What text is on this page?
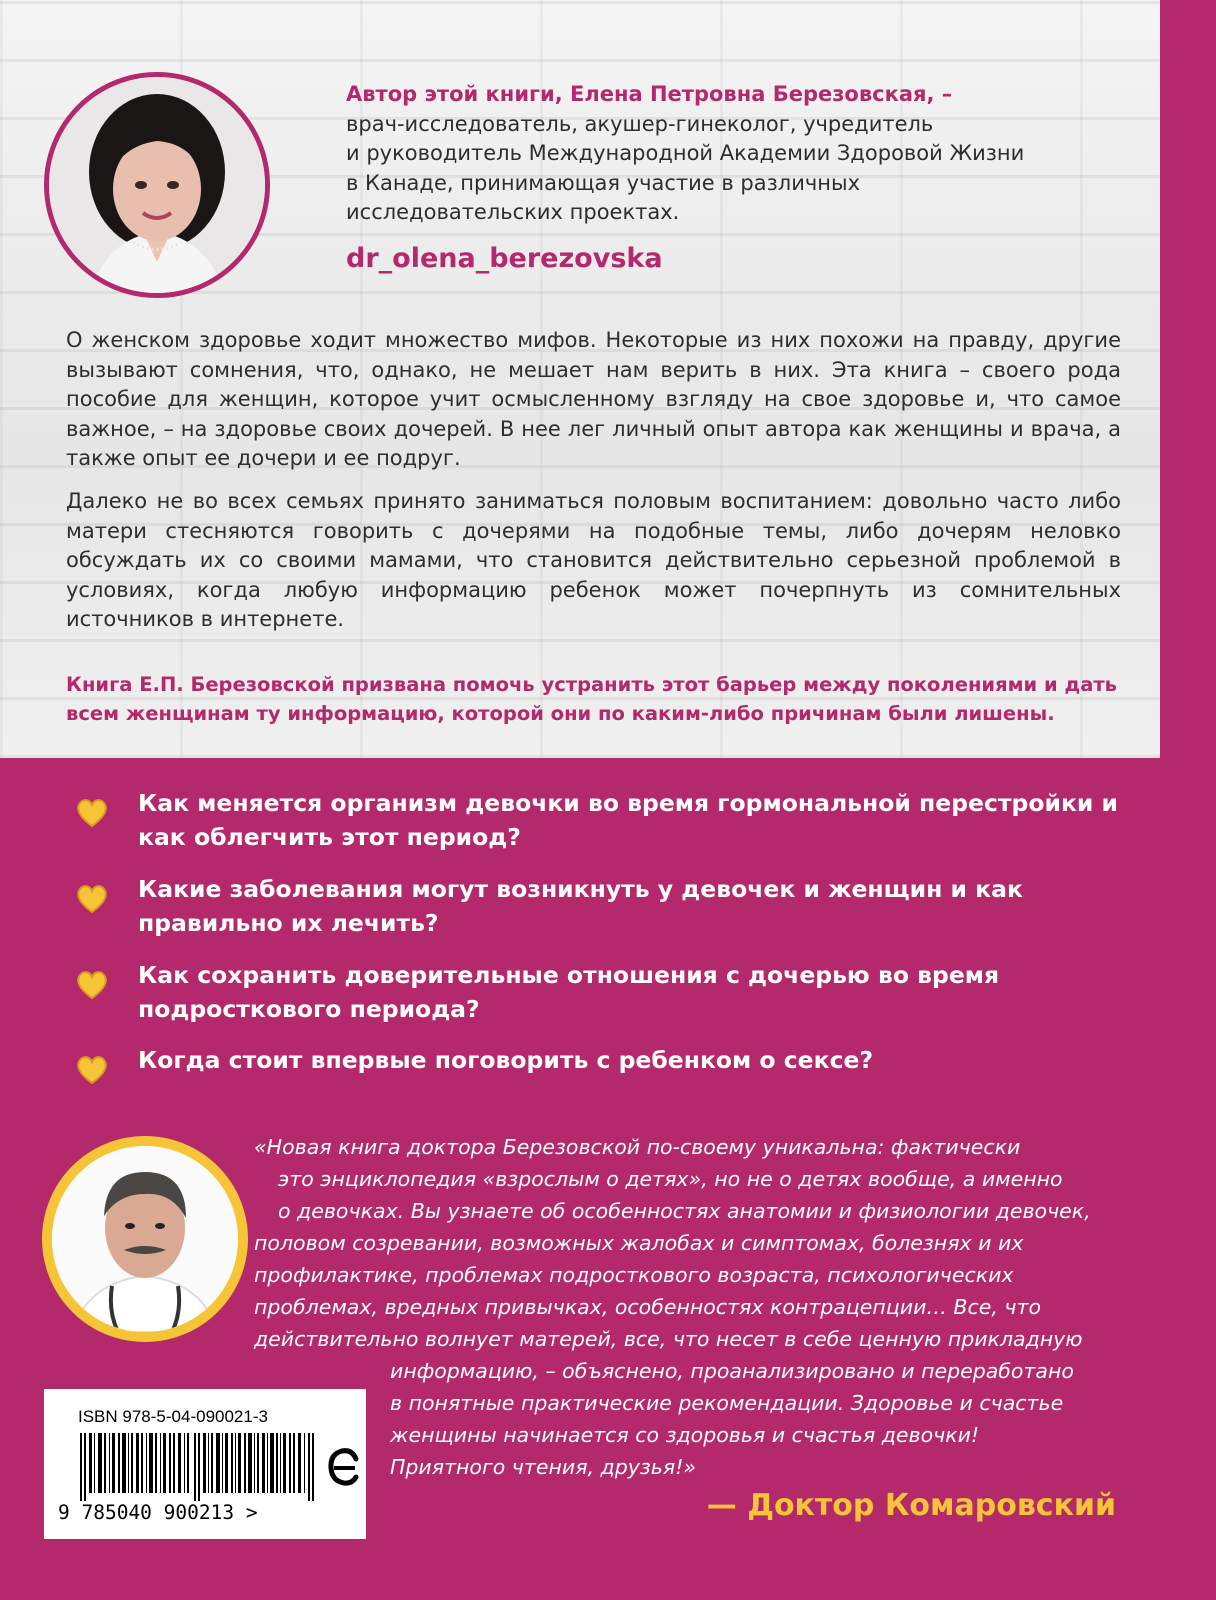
Автор этой книги, Елена Петровна Березовская, –
врач-исследователь, акушер-гинеколог, учредитель
и руководитель Международной Академии Здоровой Жизни
в Канаде, принимающая участие в различных
исследовательских проектах.
dr_olena_berezovska
О женском здоровье ходит множество мифов. Некоторые из них похожи на правду, другие вызывают сомнения, что, однако, не мешает нам верить в них. Эта книга – своего рода пособие для женщин, которое учит осмысленному взгляду на свое здоровье и, что самое важное, – на здоровье своих дочерей. В нее лег личный опыт автора как женщины и врача, а также опыт ее дочери и ее подруг.
Далеко не во всех семьях принято заниматься половым воспитанием: довольно часто либо матери стесняются говорить с дочерями на подобные темы, либо дочерям неловко обсуждать их со своими мамами, что становится действительно серьезной проблемой в условиях, когда любую информацию ребенок может почерпнуть из сомнительных источников в интернете.
Книга Е.П. Березовской призвана помочь устранить этот барьер между поколениями и дать всем женщинам ту информацию, которой они по каким-либо причинам были лишены.
Как меняется организм девочки во время гормональной перестройки и как облегчить этот период?
Какие заболевания могут возникнуть у девочек и женщин и как правильно их лечить?
Как сохранить доверительные отношения с дочерью во время подросткового периода?
Когда стоит впервые поговорить с ребенком о сексе?
«Новая книга доктора Березовской по-своему уникальна: фактически
это энциклопедия «взрослым о детях», но не о детях вообще, а именно
о девочках. Вы узнаете об особенностях анатомии и физиологии девочек,
половом созревании, возможных жалобах и симптомах, болезнях и их
профилактике, проблемах подросткового возраста, психологических
проблемах, вредных привычках, особенностях контрацепции… Все, что
действительно волнует матерей, все, что несет в себе ценную прикладную
информацию, – объяснено, проанализировано и переработано
в понятные практические рекомендации. Здоровье и счастье
женщины начинается со здоровья и счастья девочки!
Приятного чтения, друзья!»
— Доктор Комаровский
ISBN 978-5-04-090021-3
9 785040 900213 >
